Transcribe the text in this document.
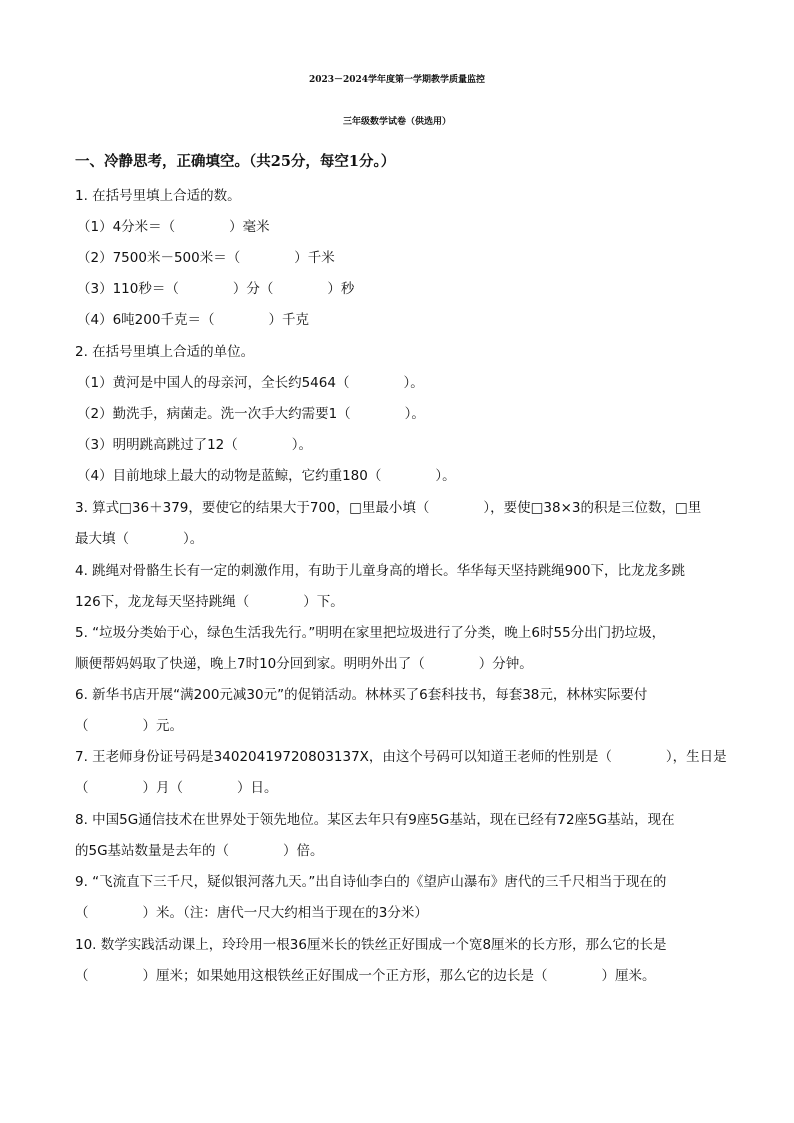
2023－2024学年度第一学期教学质量监控
三年级数学试卷（供选用）
一、冷静思考，正确填空。（共25分，每空1分。）
1. 在括号里填上合适的数。
（1）4分米＝（　　　　）毫米
（2）7500米－500米＝（　　　　）千米
（3）110秒＝（　　　　）分（　　　　）秒
（4）6吨200千克＝（　　　　）千克
2. 在括号里填上合适的单位。
（1）黄河是中国人的母亲河，全长约5464（　　　　）。
（2）勤洗手，病菌走。洗一次手大约需要1（　　　　）。
（3）明明跳高跳过了12（　　　　）。
（4）目前地球上最大的动物是蓝鲸，它约重180（　　　　）。
3. 算式□36＋379，要使它的结果大于700，□里最小填（　　　　），要使□38×3的积是三位数，□里
最大填（　　　　）。
4. 跳绳对骨骼生长有一定的刺激作用，有助于儿童身高的增长。华华每天坚持跳绳900下，比龙龙多跳
126下，龙龙每天坚持跳绳（　　　　）下。
5. “垃圾分类始于心，绿色生活我先行。”明明在家里把垃圾进行了分类，晚上6时55分出门扔垃圾，
顺便帮妈妈取了快递，晚上7时10分回到家。明明外出了（　　　　）分钟。
6. 新华书店开展“满200元减30元”的促销活动。林林买了6套科技书，每套38元，林林实际要付
（　　　　）元。
7. 王老师身份证号码是34020419720803137X，由这个号码可以知道王老师的性别是（　　　　），生日是
（　　　　）月（　　　　）日。
8. 中国5G通信技术在世界处于领先地位。某区去年只有9座5G基站，现在已经有72座5G基站，现在
的5G基站数量是去年的（　　　　）倍。
9. “飞流直下三千尺，疑似银河落九天。”出自诗仙李白的《望庐山瀑布》唐代的三千尺相当于现在的
（　　　　）米。（注：唐代一尺大约相当于现在的3分米）
10. 数学实践活动课上，玲玲用一根36厘米长的铁丝正好围成一个宽8厘米的长方形，那么它的长是
（　　　　）厘米；如果她用这根铁丝正好围成一个正方形，那么它的边长是（　　　　）厘米。
